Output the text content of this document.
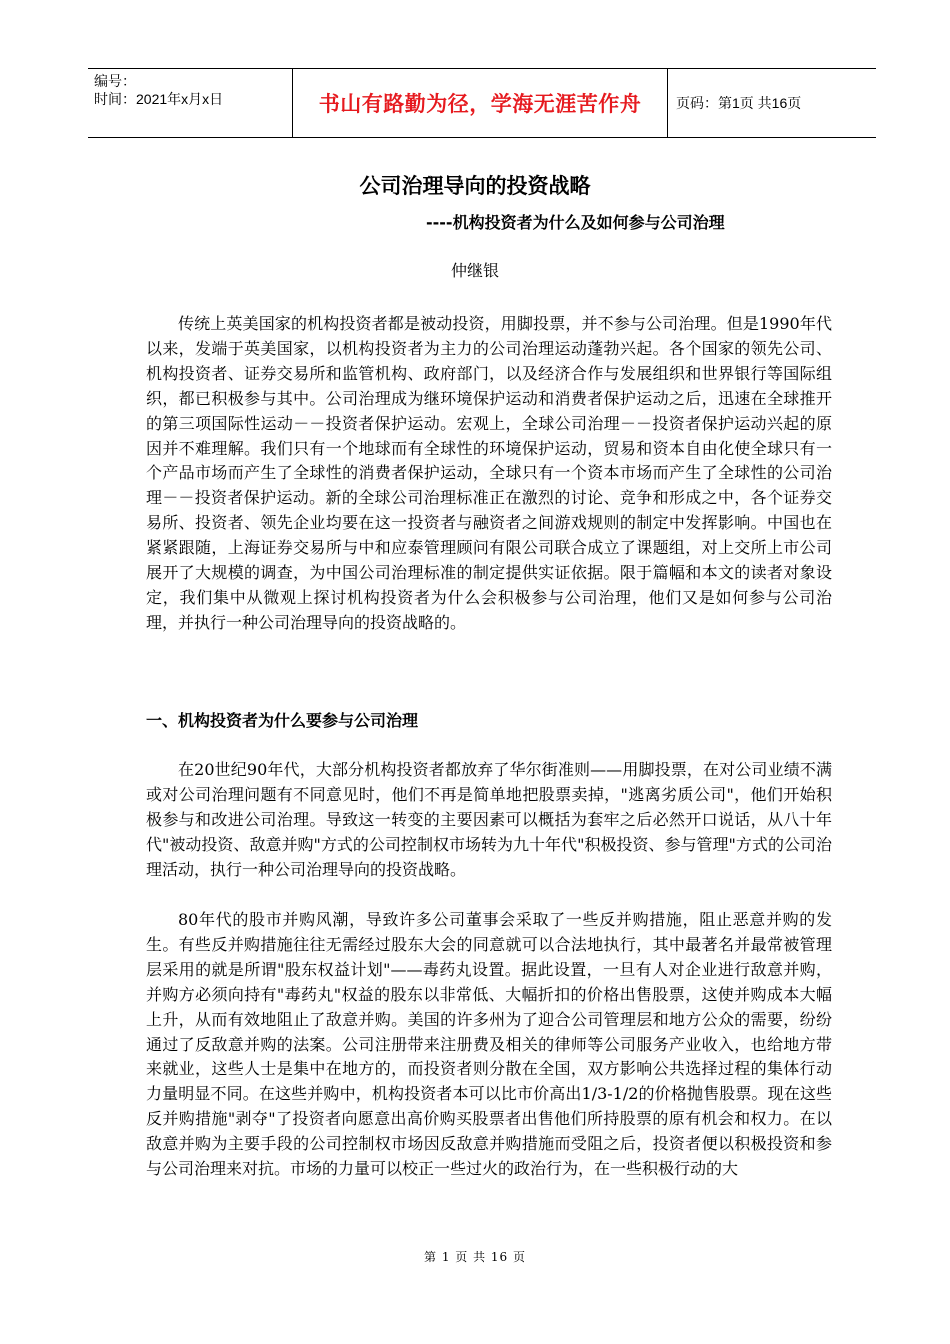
编号：
时间：2021年x月x日	书山有路勤为径，学海无涯苦作舟 页码：第1页 共16页
公司治理导向的投资战略
----机构投资者为什么及如何参与公司治理
仲继银

传统上英美国家的机构投资者都是被动投资，用脚投票，并不参与公司治理。但是1990年代以来，发端于英美国家，以机构投资者为主力的公司治理运动蓬勃兴起。各个国家的领先公司、机构投资者、证券交易所和监管机构、政府部门，以及经济合作与发展组织和世界银行等国际组织，都已积极参与其中。公司治理成为继环境保护运动和消费者保护运动之后，迅速在全球推开的第三项国际性运动－－投资者保护运动。宏观上，全球公司治理－－投资者保护运动兴起的原因并不难理解。我们只有一个地球而有全球性的环境保护运动，贸易和资本自由化使全球只有一个产品市场而产生了全球性的消费者保护运动，全球只有一个资本市场而产生了全球性的公司治理－－投资者保护运动。新的全球公司治理标准正在激烈的讨论、竞争和形成之中，各个证券交易所、投资者、领先企业均要在这一投资者与融资者之间游戏规则的制定中发挥影响。中国也在紧紧跟随，上海证券交易所与中和应泰管理顾问有限公司联合成立了课题组，对上交所上市公司展开了大规模的调查，为中国公司治理标准的制定提供实证依据。限于篇幅和本文的读者对象设定，我们集中从微观上探讨机构投资者为什么会积极参与公司治理，他们又是如何参与公司治理，并执行一种公司治理导向的投资战略的。

一、机构投资者为什么要参与公司治理

在20世纪90年代，大部分机构投资者都放弃了华尔街准则——用脚投票，在对公司业绩不满或对公司治理问题有不同意见时，他们不再是简单地把股票卖掉，"逃离劣质公司"，他们开始积极参与和改进公司治理。导致这一转变的主要因素可以概括为套牢之后必然开口说话，从八十年代"被动投资、敌意并购"方式的公司控制权市场转为九十年代"积极投资、参与管理"方式的公司治理活动，执行一种公司治理导向的投资战略。

80年代的股市并购风潮，导致许多公司董事会采取了一些反并购措施，阻止恶意并购的发生。有些反并购措施往往无需经过股东大会的同意就可以合法地执行，其中最著名并最常被管理层采用的就是所谓"股东权益计划"——毒药丸设置。据此设置，一旦有人对企业进行敌意并购，并购方必须向持有"毒药丸"权益的股东以非常低、大幅折扣的价格出售股票，这使并购成本大幅上升，从而有效地阻止了敌意并购。美国的许多州为了迎合公司管理层和地方公众的需要，纷纷通过了反敌意并购的法案。公司注册带来注册费及相关的律师等公司服务产业收入，也给地方带来就业，这些人士是集中在地方的，而投资者则分散在全国，双方影响公共选择过程的集体行动力量明显不同。在这些并购中，机构投资者本可以比市价高出1/3-1/2的价格抛售股票。现在这些反并购措施"剥夺"了投资者向愿意出高价购买股票者出售他们所持股票的原有机会和权力。在以敌意并购为主要手段的公司控制权市场因反敌意并购措施而受阻之后，投资者便以积极投资和参与公司治理来对抗。市场的力量可以校正一些过火的政治行为，在一些积极行动的大

第 1 页 共 16 页
